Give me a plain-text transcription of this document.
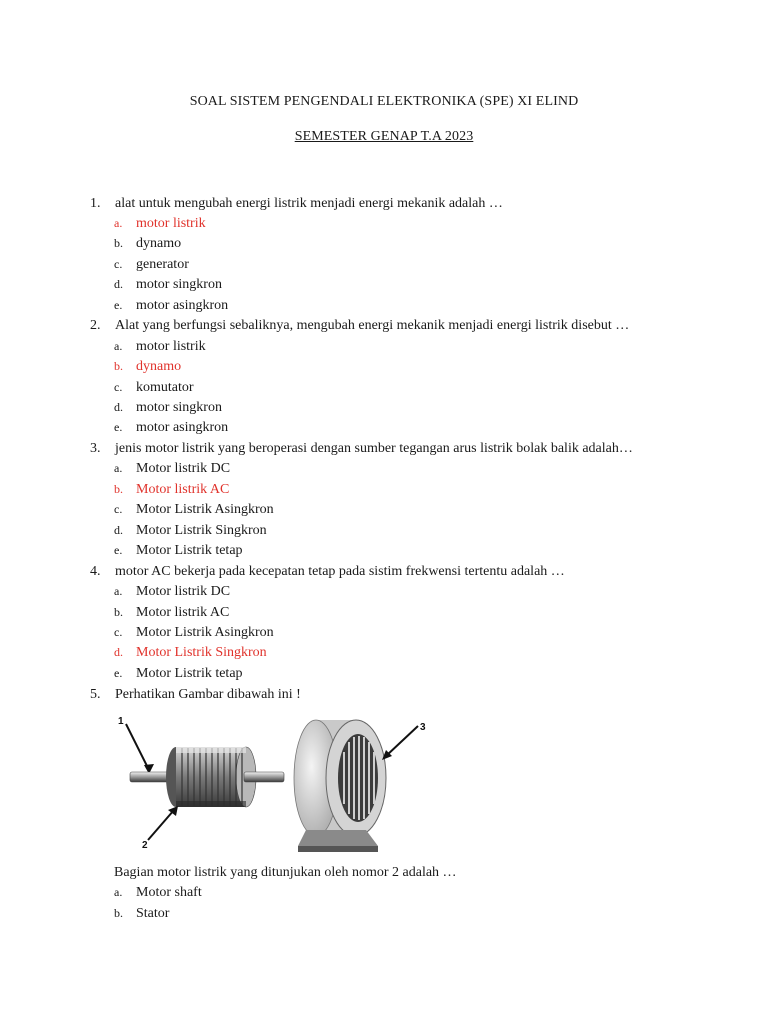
SOAL SISTEM PENGENDALI ELEKTRONIKA (SPE) XI ELIND
SEMESTER GENAP T.A 2023
1. alat untuk mengubah energi listrik menjadi energi mekanik adalah …
a. motor listrik
b. dynamo
c. generator
d. motor singkron
e. motor asingkron
2. Alat yang berfungsi sebaliknya, mengubah energi mekanik menjadi energi listrik disebut …
a. motor listrik
b. dynamo
c. komutator
d. motor singkron
e. motor asingkron
3. jenis motor listrik yang beroperasi dengan sumber tegangan arus listrik bolak balik adalah…
a. Motor listrik DC
b. Motor listrik AC
c. Motor Listrik Asingkron
d. Motor Listrik Singkron
e. Motor Listrik tetap
4. motor AC bekerja pada kecepatan tetap pada sistim frekwensi tertentu adalah …
a. Motor listrik DC
b. Motor listrik AC
c. Motor Listrik Asingkron
d. Motor Listrik Singkron
e. Motor Listrik tetap
5. Perhatikan Gambar dibawah ini !
1
2
3
Bagian motor listrik yang ditunjukan oleh nomor 2 adalah …
a. Motor shaft
b. Stator
